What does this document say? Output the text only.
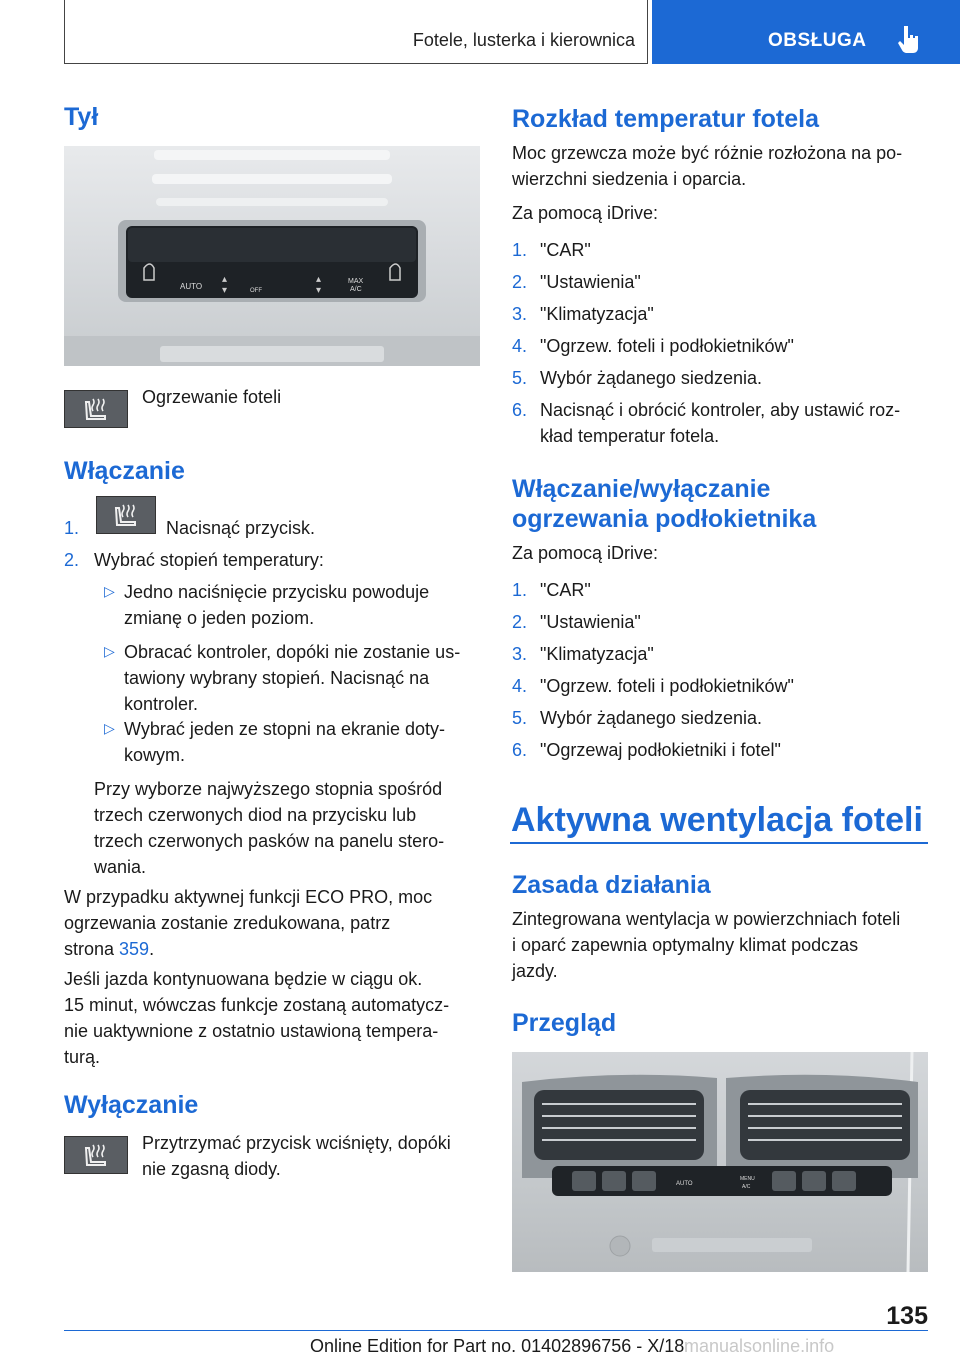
Fotele, lusterka i kierownica	OBSŁUGA
Tył
AUTO
MAX
A/C
OFF
▴
▾
▴
▾
Ogrzewanie foteli
Włączanie
1.	Nacisnąć przycisk.
2. Wybrać stopień temperatury:
▷ Jedno naciśnięcie przycisku powoduje
zmianę o jeden poziom.
▷ Obracać kontroler, dopóki nie zostanie us-
tawiony wybrany stopień. Nacisnąć na
kontroler.
▷ Wybrać jeden ze stopni na ekranie doty-
kowym.
Przy wyborze najwyższego stopnia spośród
trzech czerwonych diod na przycisku lub
trzech czerwonych pasków na panelu stero-
wania.
W przypadku aktywnej funkcji ECO PRO, moc
ogrzewania zostanie zredukowana, patrz
strona 359.
Jeśli jazda kontynuowana będzie w ciągu ok.
15 minut, wówczas funkcje zostaną automatycz-
nie uaktywnione z ostatnio ustawioną tempera-
turą.
Wyłączanie
Przytrzymać przycisk wciśnięty, dopóki
nie zgasną diody.
Rozkład temperatur fotela
Moc grzewcza może być różnie rozłożona na po-
wierzchni siedzenia i oparcia.
Za pomocą iDrive:
1. "CAR"
2. "Ustawienia"
3. "Klimatyzacja"
4. "Ogrzew. foteli i podłokietników"
5. Wybór żądanego siedzenia.
6. Nacisnąć i obrócić kontroler, aby ustawić roz-
kład temperatur fotela.
Włączanie/wyłączanie
ogrzewania podłokietnika
Za pomocą iDrive:
1. "CAR"
2. "Ustawienia"
3. "Klimatyzacja"
4. "Ogrzew. foteli i podłokietników"
5. Wybór żądanego siedzenia.
6. "Ogrzewaj podłokietniki i fotel"
Aktywna wentylacja foteli
Zasada działania
Zintegrowana wentylacja w powierzchniach foteli
i oparć zapewnia optymalny klimat podczas
jazdy.
Przegląd
AUTO
MENU
A/C
135
Online Edition for Part no. 01402896756 - X/18 manualsonline.info
